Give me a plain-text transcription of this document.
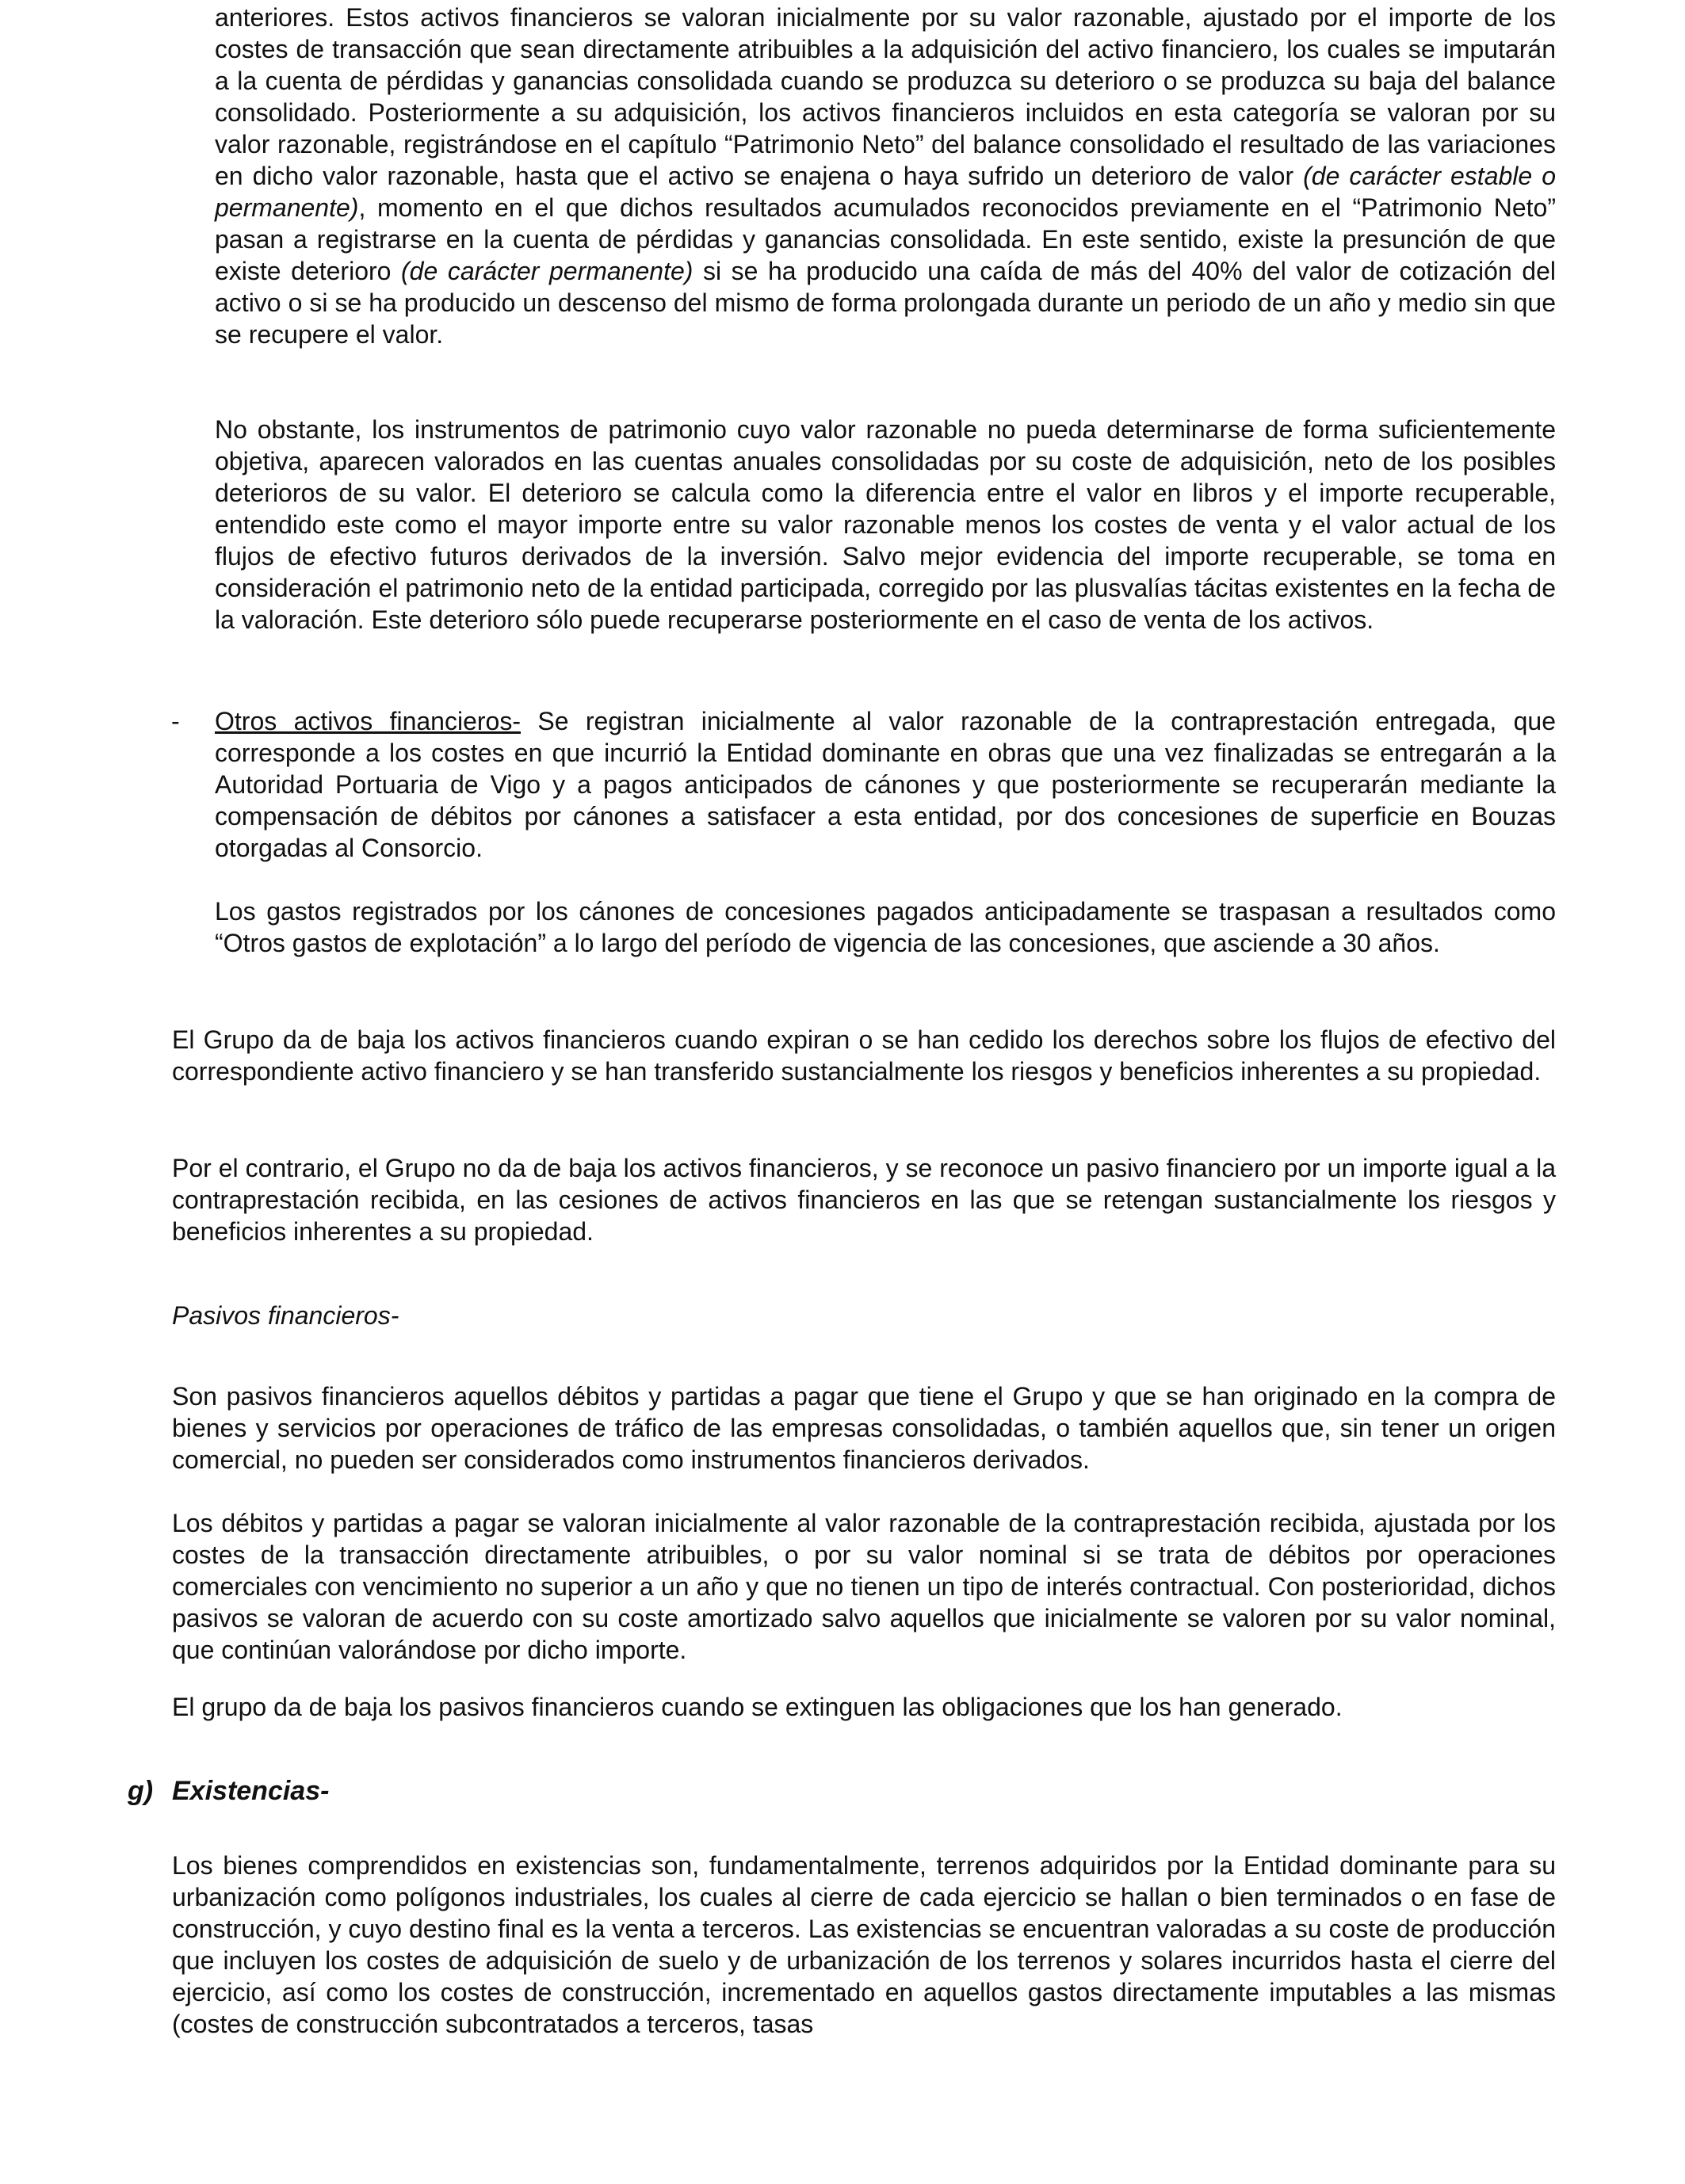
anteriores. Estos activos financieros se valoran inicialmente por su valor razonable, ajustado por el importe de los costes de transacción que sean directamente atribuibles a la adquisición del activo financiero, los cuales se imputarán a la cuenta de pérdidas y ganancias consolidada cuando se produzca su deterioro o se produzca su baja del balance consolidado. Posteriormente a su adquisición, los activos financieros incluidos en esta categoría se valoran por su valor razonable, registrándose en el capítulo “Patrimonio Neto” del balance consolidado el resultado de las variaciones en dicho valor razonable, hasta que el activo se enajena o haya sufrido un deterioro de valor (de carácter estable o permanente), momento en el que dichos resultados acumulados reconocidos previamente en el “Patrimonio Neto” pasan a registrarse en la cuenta de pérdidas y ganancias consolidada. En este sentido, existe la presunción de que existe deterioro (de carácter permanente) si se ha producido una caída de más del 40% del valor de cotización del activo o si se ha producido un descenso del mismo de forma prolongada durante un periodo de un año y medio sin que se recupere el valor.

No obstante, los instrumentos de patrimonio cuyo valor razonable no pueda determinarse de forma suficientemente objetiva, aparecen valorados en las cuentas anuales consolidadas por su coste de adquisición, neto de los posibles deterioros de su valor. El deterioro se calcula como la diferencia entre el valor en libros y el importe recuperable, entendido este como el mayor importe entre su valor razonable menos los costes de venta y el valor actual de los flujos de efectivo futuros derivados de la inversión. Salvo mejor evidencia del importe recuperable, se toma en consideración el patrimonio neto de la entidad participada, corregido por las plusvalías tácitas existentes en la fecha de la valoración. Este deterioro sólo puede recuperarse posteriormente en el caso de venta de los activos.

- Otros activos financieros- Se registran inicialmente al valor razonable de la contraprestación entregada, que corresponde a los costes en que incurrió la Entidad dominante en obras que una vez finalizadas se entregarán a la Autoridad Portuaria de Vigo y a pagos anticipados de cánones y que posteriormente se recuperarán mediante la compensación de débitos por cánones a satisfacer a esta entidad, por dos concesiones de superficie en Bouzas otorgadas al Consorcio.

Los gastos registrados por los cánones de concesiones pagados anticipadamente se traspasan a resultados como “Otros gastos de explotación” a lo largo del período de vigencia de las concesiones, que asciende a 30 años.

El Grupo da de baja los activos financieros cuando expiran o se han cedido los derechos sobre los flujos de efectivo del correspondiente activo financiero y se han transferido sustancialmente los riesgos y beneficios inherentes a su propiedad.

Por el contrario, el Grupo no da de baja los activos financieros, y se reconoce un pasivo financiero por un importe igual a la contraprestación recibida, en las cesiones de activos financieros en las que se retengan sustancialmente los riesgos y beneficios inherentes a su propiedad.

Pasivos financieros-

Son pasivos financieros aquellos débitos y partidas a pagar que tiene el Grupo y que se han originado en la compra de bienes y servicios por operaciones de tráfico de las empresas consolidadas, o también aquellos que, sin tener un origen comercial, no pueden ser considerados como instrumentos financieros derivados.

Los débitos y partidas a pagar se valoran inicialmente al valor razonable de la contraprestación recibida, ajustada por los costes de la transacción directamente atribuibles, o por su valor nominal si se trata de débitos por operaciones comerciales con vencimiento no superior a un año y que no tienen un tipo de interés contractual. Con posterioridad, dichos pasivos se valoran de acuerdo con su coste amortizado salvo aquellos que inicialmente se valoren por su valor nominal, que continúan valorándose por dicho importe.

El grupo da de baja los pasivos financieros cuando se extinguen las obligaciones que los han generado.

g) Existencias-

Los bienes comprendidos en existencias son, fundamentalmente, terrenos adquiridos por la Entidad dominante para su urbanización como polígonos industriales, los cuales al cierre de cada ejercicio se hallan o bien terminados o en fase de construcción, y cuyo destino final es la venta a terceros. Las existencias se encuentran valoradas a su coste de producción que incluyen los costes de adquisición de suelo y de urbanización de los terrenos y solares incurridos hasta el cierre del ejercicio, así como los costes de construcción, incrementado en aquellos gastos directamente imputables a las mismas (costes de construcción subcontratados a terceros, tasas
